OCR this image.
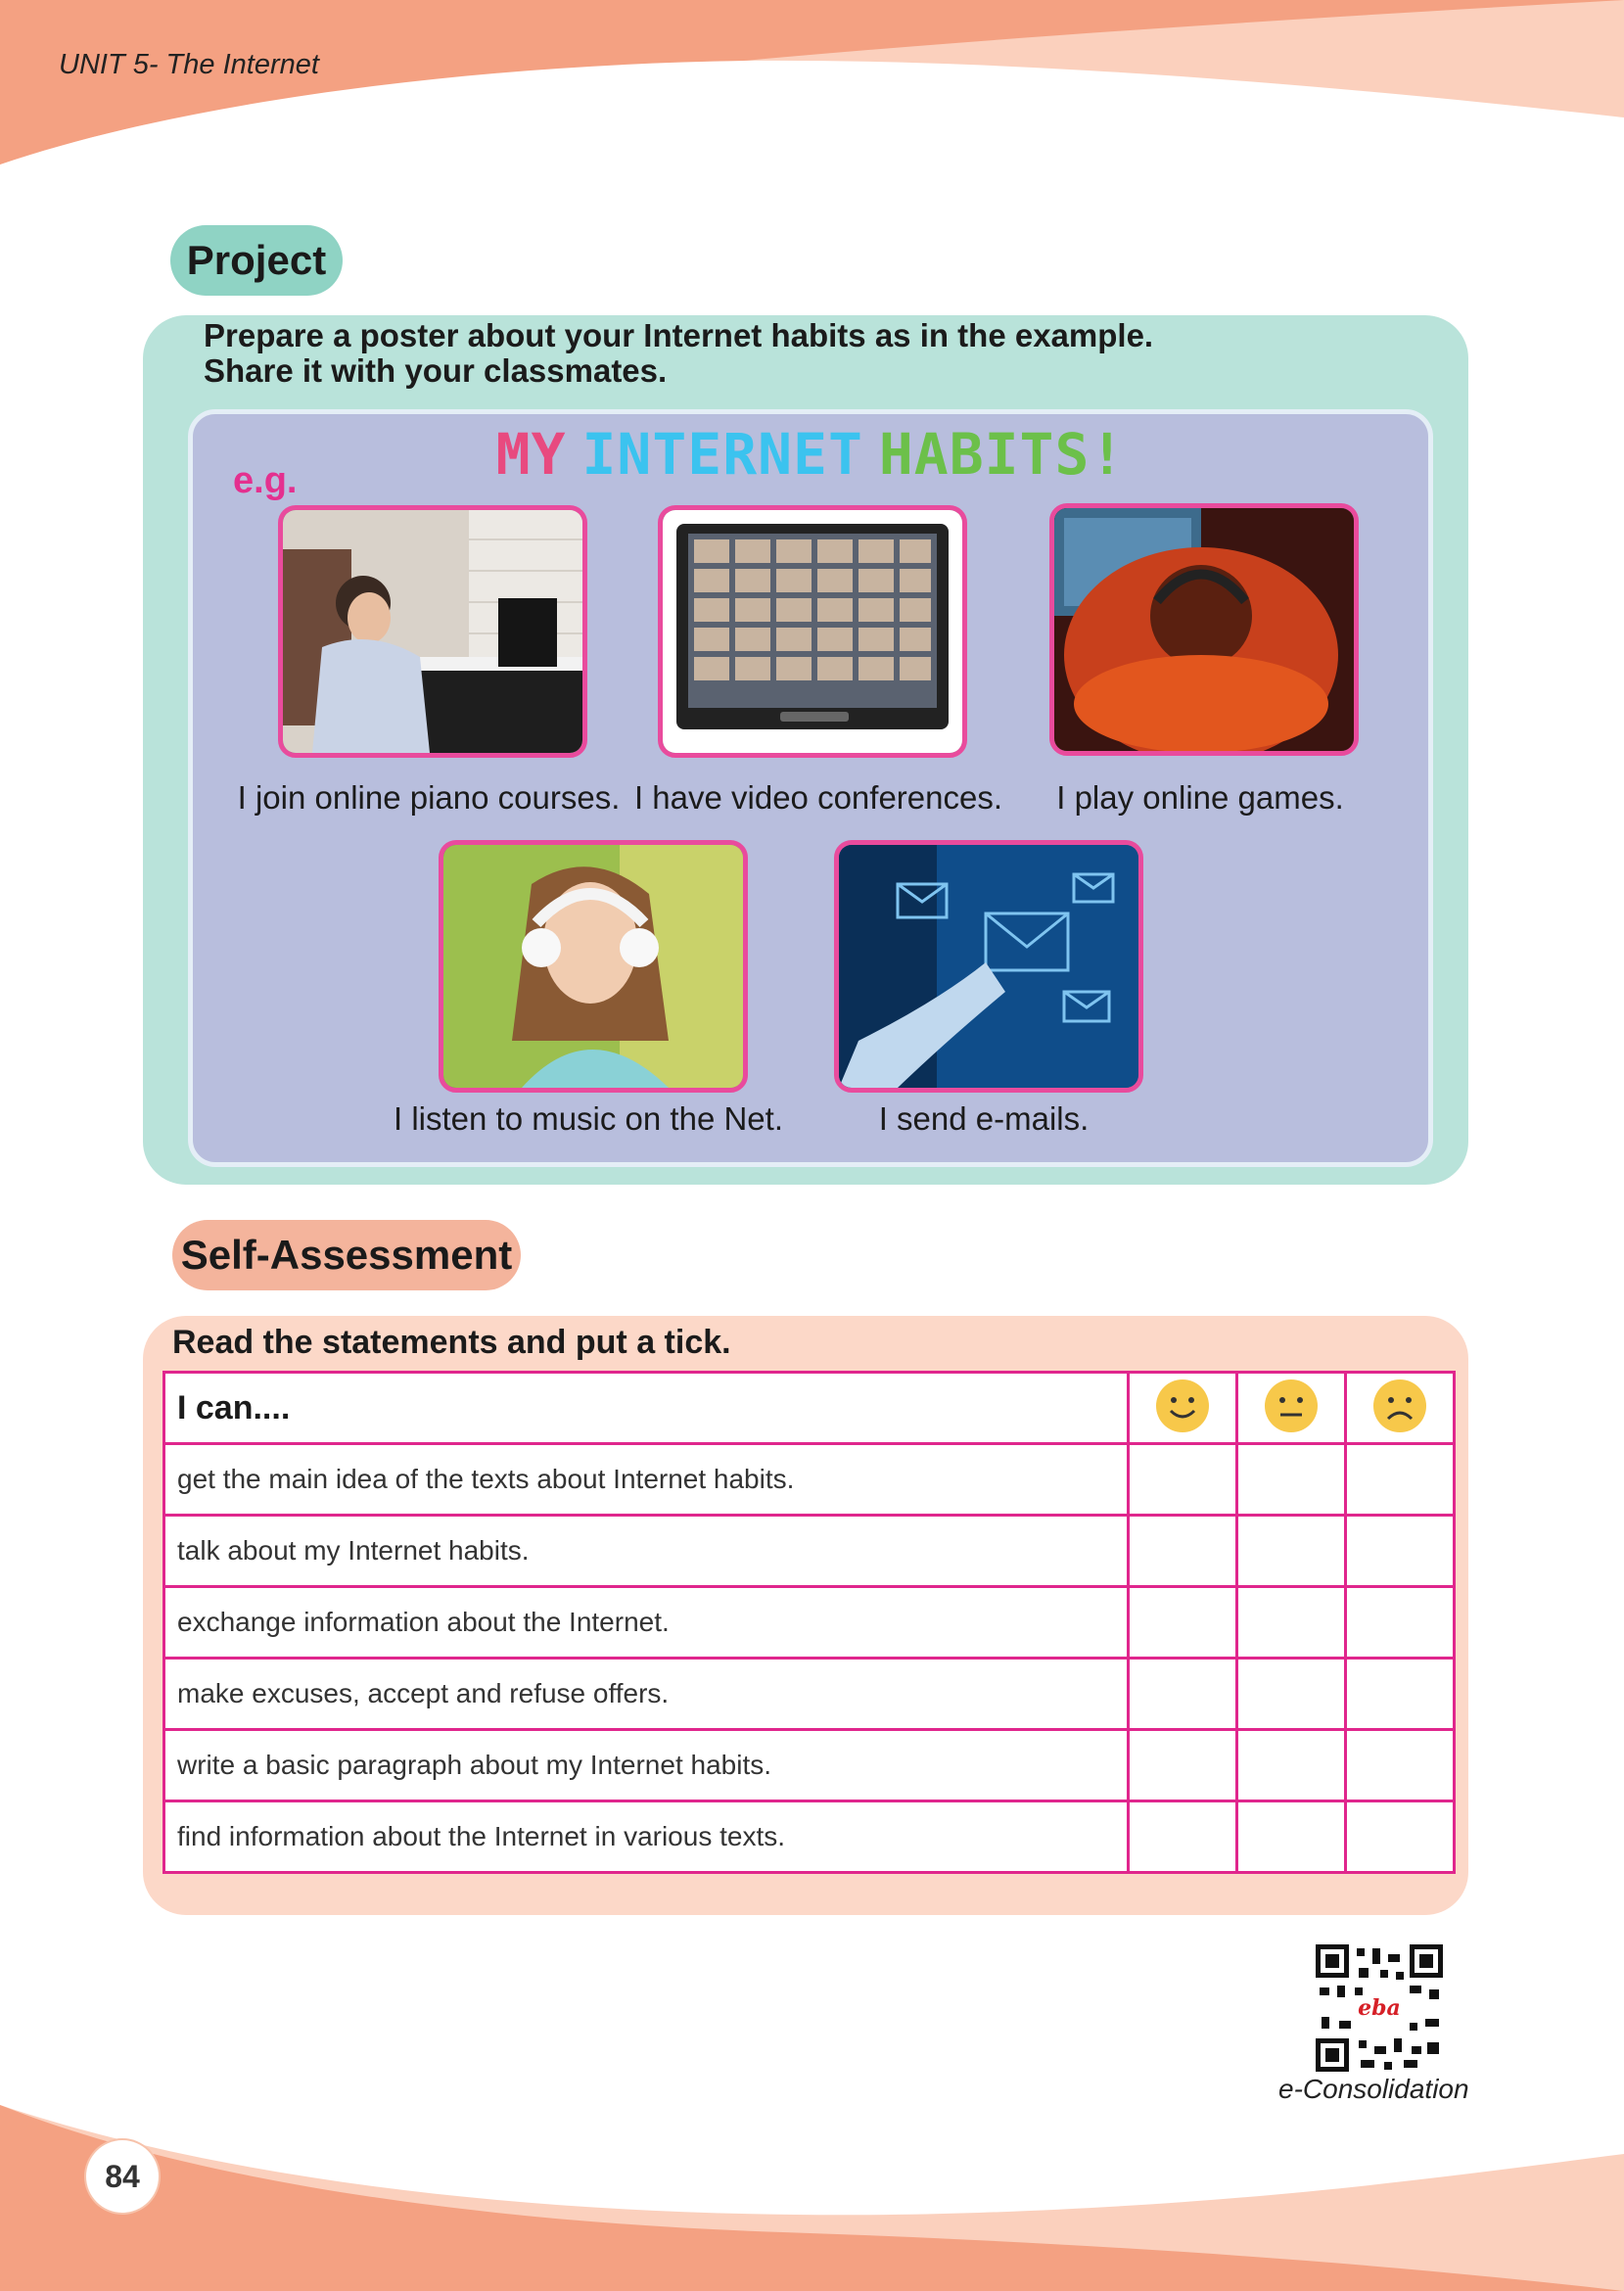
UNIT 5- The Internet
Project
Prepare a poster about your Internet habits as in the example.
Share it with your classmates.
MY INTERNET HABITS!
e.g.
I join online piano courses. I have video conferences.	I play online games.
I listen to music on the Net.	I send e-mails.
Self-Assessment
Read the statements and put a tick.
I can....			
get the main idea of the texts about Internet habits.			
talk about my Internet habits.			
exchange information about the Internet.			
make excuses, accept and refuse offers.			
write a basic paragraph about my Internet habits.			
find information about the Internet in various texts.			
eba
e-Consolidation
84
